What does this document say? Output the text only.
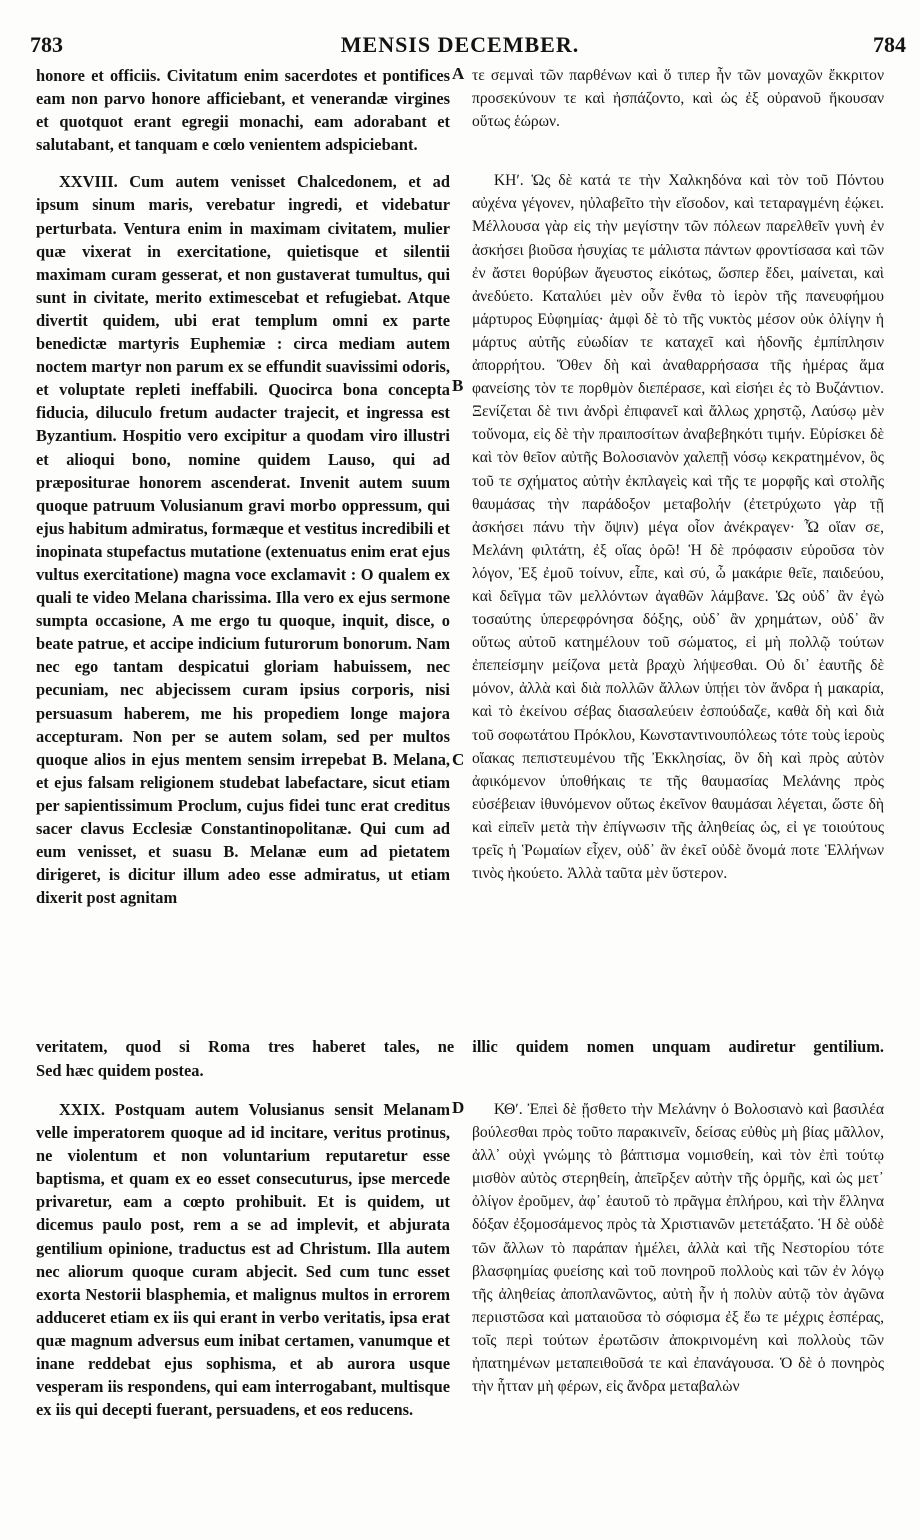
783	MENSIS DECEMBER.	784

honore et officiis. Civitatum enim sacerdotes et pontifices eam non parvo honore afficiebant, et venerandæ virgines et quotquot erant egregii monachi, eam adorabant et salutabant, et tanquam e cœlo venientem adspiciebant.

XXVIII. Cum autem venisset Chalcedonem, et ad ipsum sinum maris, verebatur ingredi, et videbatur perturbata. Ventura enim in maximam civitatem, mulier quæ vixerat in exercitatione, quietisque et silentii maximam curam gesserat, et non gustaverat tumultus, qui sunt in civitate, merito extimescebat et refugiebat. Atque divertit quidem, ubi erat templum omni ex parte benedictæ martyris Euphemiæ : circa mediam autem noctem martyr non parum ex se effundit suavissimi odoris, et voluptate repleti ineffabili. Quocirca bona concepta fiducia, diluculo fretum audacter trajecit, et ingressa est Byzantium. Hospitio vero excipitur a quodam viro illustri et alioqui bono, nomine quidem Lauso, qui ad præpositurae honorem ascenderat. Invenit autem suum quoque patruum Volusianum gravi morbo oppressum, qui ejus habitum admiratus, formæque et vestitus incredibili et inopinata stupefactus mutatione (extenuatus enim erat ejus vultus exercitatione) magna voce exclamavit : O qualem ex quali te video Melana charissima. Illa vero ex ejus sermone sumpta occasione, A me ergo tu quoque, inquit, disce, o beate patrue, et accipe indicium futurorum bonorum. Nam nec ego tantam despicatui gloriam habuissem, nec pecuniam, nec abjecissem curam ipsius corporis, nisi persuasum haberem, me his propediem longe majora accepturam. Non per se autem solam, sed per multos quoque alios in ejus mentem sensim irrepebat B. Melana, et ejus falsam religionem studebat labefactare, sicut etiam per sapientissimum Proclum, cujus fidei tunc erat creditus sacer clavus Ecclesiæ Constantinopolitanæ. Qui cum ad eum venisset, et suasu B. Melanæ eum ad pietatem dirigeret, is dicitur illum adeo esse admiratus, ut etiam dixerit post agnitam

τε σεμναὶ τῶν παρθένων καὶ ὅ τιπερ ἦν τῶν μοναχῶν ἔκκριτον προσεκύνουν τε καὶ ἠσπάζοντο, καὶ ὡς ἐξ οὐρανοῦ ἥκουσαν οὕτως ἑώρων.

ΚΗʹ. Ὡς δὲ κατά τε τὴν Χαλκηδόνα καὶ τὸν τοῦ Πόντου αὐχένα γέγονεν, ηὐλαβεῖτο τὴν εἴσοδον, καὶ τεταραγμένη ἐῴκει. Μέλλουσα γὰρ εἰς τὴν μεγίστην τῶν πόλεων παρελθεῖν γυνὴ ἐν ἀσκήσει βιοῦσα ἡσυχίας τε μάλιστα πάντων φροντίσασα καὶ τῶν ἐν ἄστει θορύβων ἄγευστος εἰκότως, ὥσπερ ἔδει, μαίνεται, καὶ ἀνεδύετο. Καταλύει μὲν οὖν ἔνθα τὸ ἱερὸν τῆς πανευφήμου μάρτυρος Εὐφημίας· ἀμφὶ δὲ τὸ τῆς νυκτὸς μέσον οὐκ ὀλίγην ἡ μάρτυς αὐτῆς εὐωδίαν τε καταχεῖ καὶ ἡδονῆς ἐμπίπλησιν ἀπορρήτου. Ὅθεν δὴ καὶ ἀναθαρρήσασα τῆς ἡμέρας ἅμα φανείσης τὸν τε πορθμὸν διεπέρασε, καὶ εἰσήει ἐς τὸ Βυζάντιον. Ξενίζεται δὲ τινι ἀνδρὶ ἐπιφανεῖ καὶ ἄλλως χρηστῷ, Λαύσῳ μὲν τοὔνομα, εἰς δὲ τὴν πραιποσίτων ἀναβεβηκότι τιμήν. Εὑρίσκει δὲ καὶ τὸν θεῖον αὐτῆς Βολοσιανὸν χαλεπῇ νόσῳ κεκρατημένον, ὃς τοῦ τε σχήματος αὐτὴν ἐκπλαγεὶς καὶ τῆς τε μορφῆς καὶ στολῆς θαυμάσας τὴν παράδοξον μεταβολήν (ἐτετρύχωτο γὰρ τῇ ἀσκήσει πάνυ τὴν ὄψιν) μέγα οἷον ἀνέκραγεν· Ὦ οἵαν σε, Μελάνη φιλτάτη, ἐξ οἵας ὁρῶ! Ἡ δὲ πρόφασιν εὑροῦσα τὸν λόγον, Ἐξ ἐμοῦ τοίνυν, εἶπε, καὶ σύ, ὦ μακάριε θεῖε, παιδεύου, καὶ δεῖγμα τῶν μελλόντων ἀγαθῶν λάμβανε. Ὡς οὐδ᾽ ἂν ἐγὼ τοσαύτης ὑπερεφρόνησα δόξης, οὐδ᾽ ἂν χρημάτων, οὐδ᾽ ἂν οὕτως αὐτοῦ κατημέλουν τοῦ σώματος, εἰ μὴ πολλῷ τούτων ἐπεπείσμην μείζονα μετὰ βραχὺ λήψεσθαι. Οὐ δι᾽ ἑαυτῆς δὲ μόνον, ἀλλὰ καὶ διὰ πολλῶν ἄλλων ὑπῄει τὸν ἄνδρα ἡ μακαρία, καὶ τὸ ἐκείνου σέβας διασαλεύειν ἐσπούδαζε, καθὰ δὴ καὶ διὰ τοῦ σοφωτάτου Πρόκλου, Κωνσταντινουπόλεως τότε τοὺς ἱεροὺς οἴακας πεπιστευμένου τῆς Ἐκκλησίας, ὃν δὴ καὶ πρὸς αὐτὸν ἀφικόμενον ὑποθήκαις τε τῆς θαυμασίας Μελάνης πρὸς εὐσέβειαν ἰθυνόμενον οὕτως ἐκεῖνον θαυμάσαι λέγεται, ὥστε δὴ καὶ εἰπεῖν μετὰ τὴν ἐπίγνωσιν τῆς ἀληθείας ὡς, εἰ γε τοιούτους τρεῖς ἡ Ῥωμαίων εἶχεν, οὐδ᾽ ἂν ἐκεῖ οὐδὲ ὄνομά ποτε Ἑλλήνων τινὸς ἠκούετο. Ἀλλὰ ταῦτα μὲν ὕστερον.

veritatem, quod si Roma tres haberet tales, ne illic quidem nomen unquam audiretur gentilium.
Sed hæc quidem postea.

XXIX. Postquam autem Volusianus sensit Melanam velle imperatorem quoque ad id incitare, veritus protinus, ne violentum et non voluntarium reputaretur esse baptisma, et quam ex eo esset consecuturus, ipse mercede privaretur, eam a cœpto prohibuit. Et is quidem, ut dicemus paulo post, rem a se ad implevit, et abjurata gentilium opinione, traductus est ad Christum. Illa autem nec aliorum quoque curam abjecit. Sed cum tunc esset exorta Nestorii blasphemia, et malignus multos in errorem adduceret etiam ex iis qui erant in verbo veritatis, ipsa erat quæ magnum adversus eum inibat certamen, vanumque et inane reddebat ejus sophisma, et ab aurora usque vesperam iis respondens, qui eam interrogabant, multisque ex iis qui decepti fuerant, persuadens, et eos reducens.

ΚΘʹ. Ἐπεὶ δὲ ᾔσθετο τὴν Μελάνην ὁ Βολοσιανὸ καὶ βασιλέα βούλεσθαι πρὸς τοῦτο παρακινεῖν, δείσας εὐθὺς μὴ βίας μᾶλλον, ἀλλ᾽ οὐχὶ γνώμης τὸ βάπτισμα νομισθείη, καὶ τὸν ἐπὶ τούτῳ μισθὸν αὐτὸς στερηθείη, ἀπεῖρξεν αὐτὴν τῆς ὁρμῆς, καὶ ὡς μετ᾽ ὀλίγον ἐροῦμεν, ἀφ᾽ ἑαυτοῦ τὸ πρᾶγμα ἐπλήρου, καὶ τὴν ἕλληνα δόξαν ἐξομοσάμενος πρὸς τὰ Χριστιανῶν μετετάξατο. Ἡ δὲ οὐδὲ τῶν ἄλλων τὸ παράπαν ἠμέλει, ἀλλὰ καὶ τῆς Νεστορίου τότε βλασφημίας φυείσης καὶ τοῦ πονηροῦ πολλοὺς καὶ τῶν ἐν λόγῳ τῆς ἀληθείας ἀποπλανῶντος, αὐτὴ ἦν ἡ πολὺν αὐτῷ τὸν ἀγῶνα περιιστῶσα καὶ ματαιοῦσα τὸ σόφισμα ἐξ ἕω τε μέχρις ἑσπέρας, τοῖς περὶ τούτων ἐρωτῶσιν ἀποκρινομένη καὶ πολλοὺς τῶν ἠπατημένων μεταπειθοῦσά τε καὶ ἐπανάγουσα. Ὁ δὲ ὁ πονηρὸς τὴν ἧτταν μὴ φέρων, εἰς ἄνδρα μεταβαλὼν

A
B
C
D
